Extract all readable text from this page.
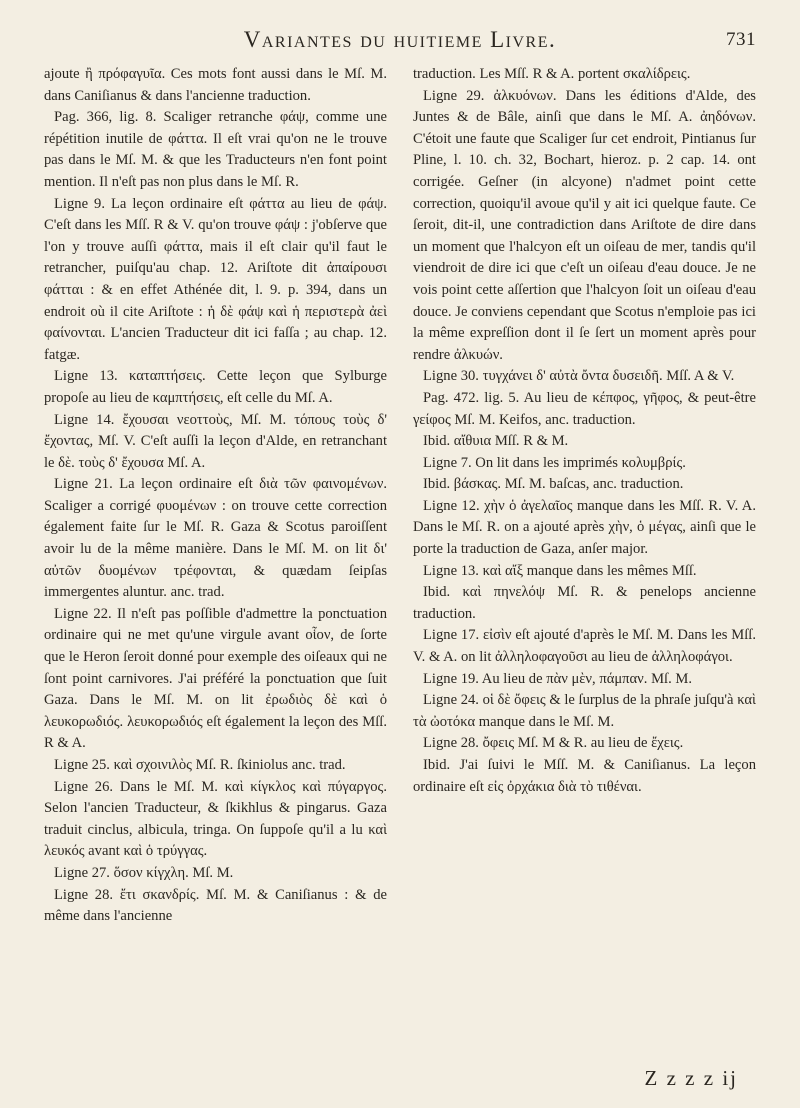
Variantes du huitieme Livre.	731

ajoute ἢ πρόφαγυῖα. Ces mots font aussi dans le Mſ. M. dans Caniſianus & dans l'ancienne traduction.

Pag. 366, lig. 8. Scaliger retranche φάψ, comme une répétition inutile de φάττα. Il eſt vrai qu'on ne le trouve pas dans le Mſ. M. & que les Traducteurs n'en font point mention. Il n'eſt pas non plus dans le Mſ. R.

Ligne 9. La leçon ordinaire eſt φάττα au lieu de φάψ. C'eſt dans les Mſſ. R & V. qu'on trouve φάψ : j'obſerve que l'on y trouve auſſi φάττα, mais il eſt clair qu'il faut le retrancher, puiſqu'au chap. 12. Ariſtote dit ἀπαίρουσι φάτται : & en effet Athénée dit, l. 9. p. 394, dans un endroit où il cite Ariſtote : ἡ δὲ φάψ καὶ ἡ περιστερὰ ἀεὶ φαίνονται. L'ancien Traducteur dit ici faſſa ; au chap. 12. fatgæ.

Ligne 13. καταπτήσεις. Cette leçon que Sylburge propoſe au lieu de καμπτήσεις, eſt celle du Mſ. A.

Ligne 14. ἔχουσαι νεοττοὺς, Mſ. M. τόπους τοὺς δ' ἔχοντας, Mſ. V. C'eſt auſſi la leçon d'Alde, en retranchant le δὲ. τοὺς δ' ἔχουσα Mſ. A.

Ligne 21. La leçon ordinaire eſt διὰ τῶν φαινομένων. Scaliger a corrigé φυομένων : on trouve cette correction également faite ſur le Mſ. R. Gaza & Scotus paroiſſent avoir lu de la même manière. Dans le Mſ. M. on lit δι' αὐτῶν δυομένων τρέφονται, & quædam ſeipſas immergentes aluntur. anc. trad.

Ligne 22. Il n'eſt pas poſſible d'admettre la ponctuation ordinaire qui ne met qu'une virgule avant οἷον, de ſorte que le Heron ſeroit donné pour exemple des oiſeaux qui ne ſont point carnivores. J'ai préféré la ponctuation que ſuit Gaza. Dans le Mſ. M. on lit ἐρωδιὸς δὲ καὶ ὁ λευκορωδιός. λευκορωδιός eſt également la leçon des Mſſ. R & A.

Ligne 25. καὶ σχοινιλὸς Mſ. R. ſkiniolus anc. trad.

Ligne 26. Dans le Mſ. M. καὶ κίγκλος καὶ πύγαργος. Selon l'ancien Traducteur, & ſkikhlus & pingarus. Gaza traduit cinclus, albicula, tringa. On ſuppoſe qu'il a lu καὶ λευκός avant καὶ ὁ τρύγγας.

Ligne 27. ὅσον κίγχλη. Mſ. M.

Ligne 28. ἔτι σκανδρίς. Mſ. M. & Caniſianus : & de même dans l'ancienne

traduction. Les Mſſ. R & A. portent σκαλίδρεις.

Ligne 29. ἀλκυόνων. Dans les éditions d'Alde, des Juntes & de Bâle, ainſi que dans le Mſ. A. ἀηδόνων. C'étoit une faute que Scaliger ſur cet endroit, Pintianus ſur Pline, l. 10. ch. 32, Bochart, hieroz. p. 2 cap. 14. ont corrigée. Geſner (in alcyone) n'admet point cette correction, quoiqu'il avoue qu'il y ait ici quelque faute. Ce ſeroit, dit-il, une contradiction dans Ariſtote de dire dans un moment que l'halcyon eſt un oiſeau de mer, tandis qu'il viendroit de dire ici que c'eſt un oiſeau d'eau douce. Je ne vois point cette aſſertion que l'halcyon ſoit un oiſeau d'eau douce. Je conviens cependant que Scotus n'emploie pas ici la même expreſſion dont il ſe ſert un moment après pour rendre ἀλκυών.

Ligne 30. τυγχάνει δ' αὐτὰ ὄντα δυσειδῆ. Mſſ. A & V.

Pag. 472. lig. 5. Au lieu de κέπφος, γῆφος, & peut-être γείφος Mſ. M. Keifos, anc. traduction.

Ibid. αἴθυια Mſſ. R & M.

Ligne 7. On lit dans les imprimés κολυμβρίς.

Ibid. βάσκας. Mſ. M. baſcas, anc. traduction.

Ligne 12. χὴν ὁ ἀγελαῖος manque dans les Mſſ. R. V. A. Dans le Mſ. R. on a ajouté après χὴν, ὁ μέγας, ainſi que le porte la traduction de Gaza, anſer major.

Ligne 13. καὶ αἴξ manque dans les mêmes Mſſ.

Ibid. καὶ πηνελόψ Mſ. R. & penelops ancienne traduction.

Ligne 17. εἰσὶν eſt ajouté d'après le Mſ. M. Dans les Mſſ. V. & A. on lit ἀλληλοφαγοῦσι au lieu de ἀλληλοφάγοι.

Ligne 19. Au lieu de πὰν μὲν, πάμπαν. Mſ. M.

Ligne 24. οἱ δὲ ὄφεις & le ſurplus de la phraſe juſqu'à καὶ τὰ ὠοτόκα manque dans le Mſ. M.

Ligne 28. ὄφεις Mſ. M & R. au lieu de ἔχεις.

Ibid. J'ai ſuivi le Mſſ. M. & Caniſianus. La leçon ordinaire eſt εἰς ὀρχάκια διὰ τὸ τιθέναι.

Z z z z ij
